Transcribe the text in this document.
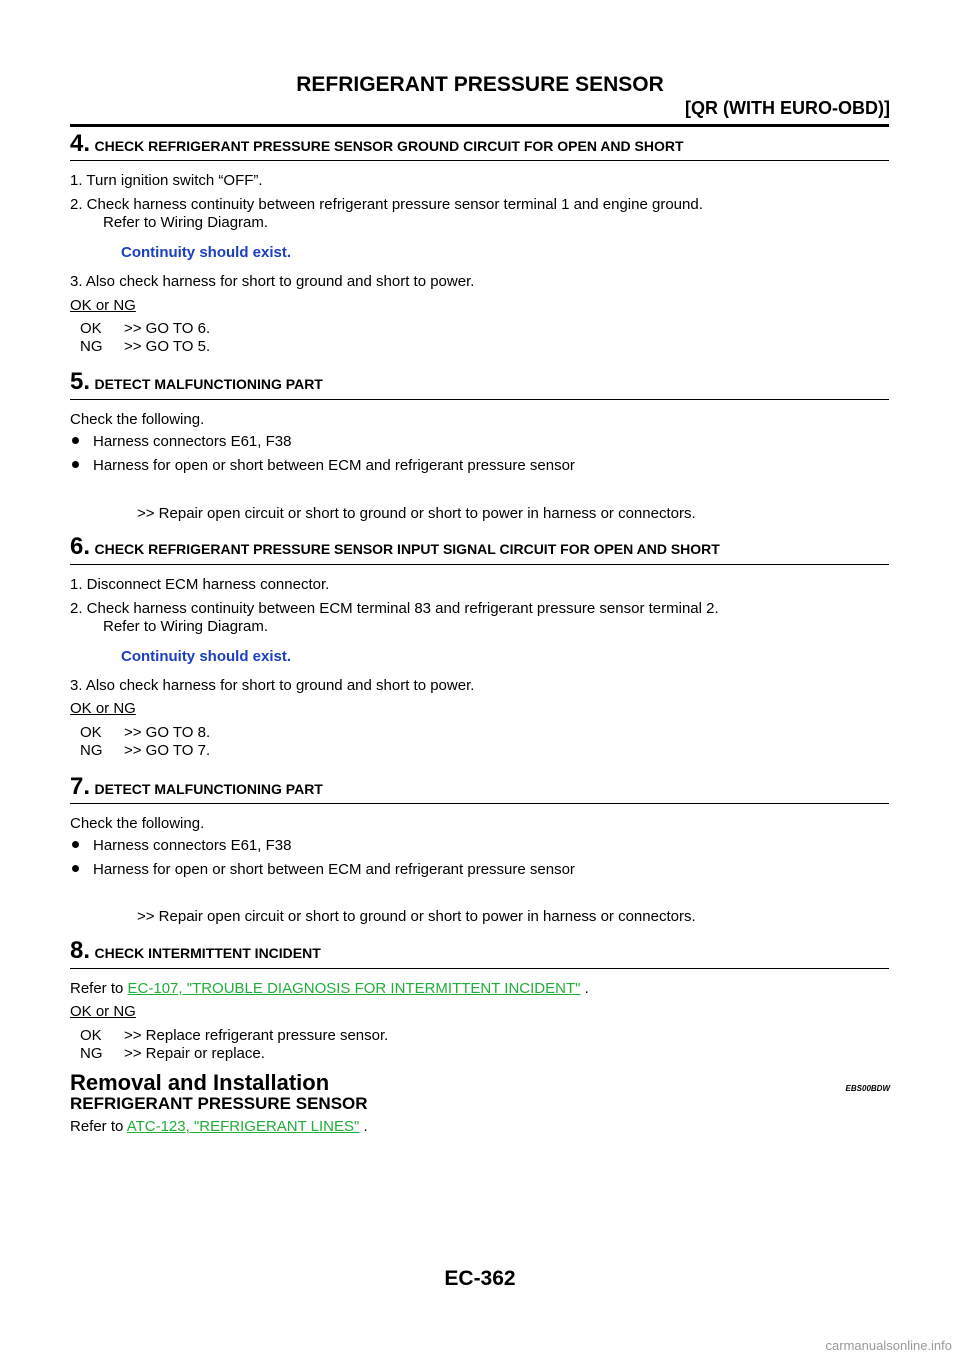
REFRIGERANT PRESSURE SENSOR
[QR (WITH EURO-OBD)]
4. CHECK REFRIGERANT PRESSURE SENSOR GROUND CIRCUIT FOR OPEN AND SHORT
1. Turn ignition switch “OFF”.
2. Check harness continuity between refrigerant pressure sensor terminal 1 and engine ground.
Refer to Wiring Diagram.
Continuity should exist.
3. Also check harness for short to ground and short to power.
OK or NG
OK >> GO TO 6.
NG >> GO TO 5.
5. DETECT MALFUNCTIONING PART
Check the following.
Harness connectors E61, F38
Harness for open or short between ECM and refrigerant pressure sensor
>> Repair open circuit or short to ground or short to power in harness or connectors.
6. CHECK REFRIGERANT PRESSURE SENSOR INPUT SIGNAL CIRCUIT FOR OPEN AND SHORT
1. Disconnect ECM harness connector.
2. Check harness continuity between ECM terminal 83 and refrigerant pressure sensor terminal 2.
Refer to Wiring Diagram.
Continuity should exist.
3. Also check harness for short to ground and short to power.
OK or NG
OK >> GO TO 8.
NG >> GO TO 7.
7. DETECT MALFUNCTIONING PART
Check the following.
Harness connectors E61, F38
Harness for open or short between ECM and refrigerant pressure sensor
>> Repair open circuit or short to ground or short to power in harness or connectors.
8. CHECK INTERMITTENT INCIDENT
Refer to EC-107, "TROUBLE DIAGNOSIS FOR INTERMITTENT INCIDENT" .
OK or NG
OK >> Replace refrigerant pressure sensor.
NG >> Repair or replace.
Removal and Installation	EBS00BDW
REFRIGERANT PRESSURE SENSOR
Refer to ATC-123, "REFRIGERANT LINES" .
EC-362
carmanualsonline.info
